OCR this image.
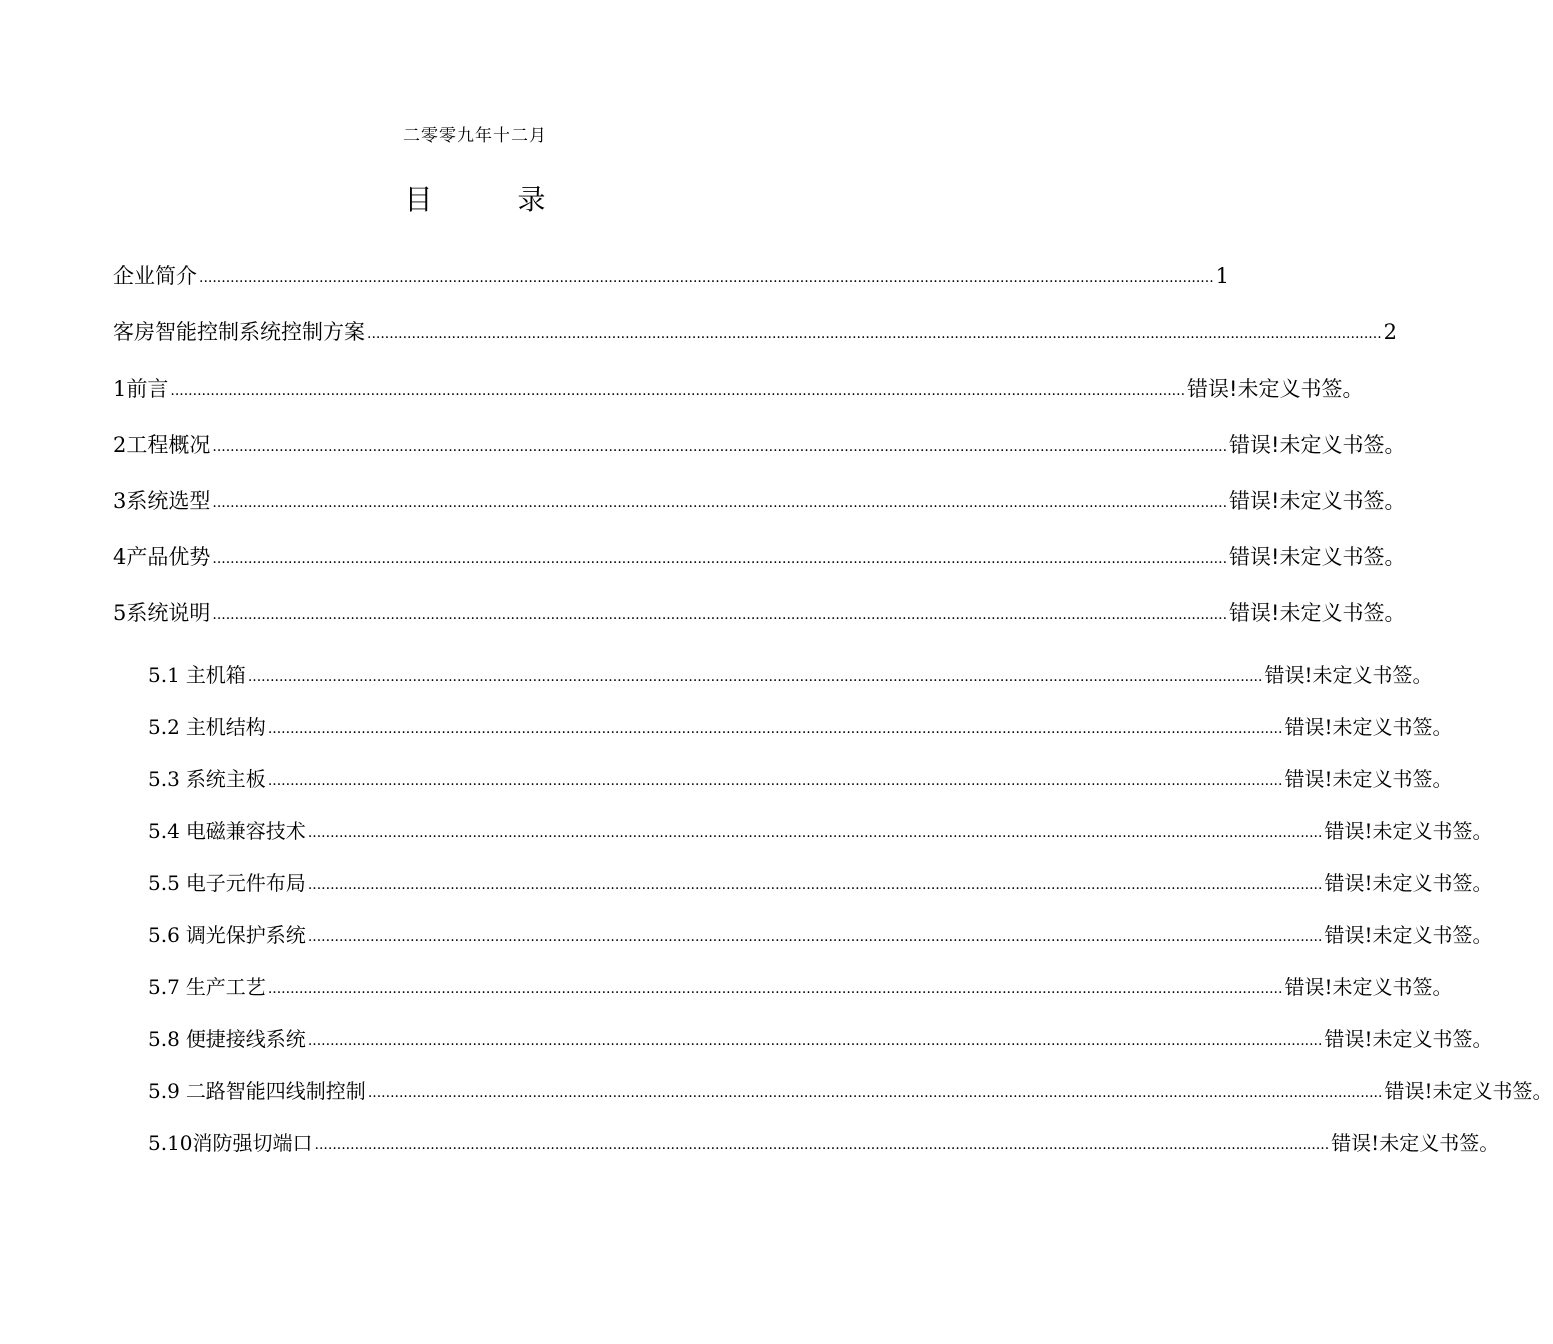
二零零九年十二月
目 录
企业简介 .................................................................................................................................................................................................................................... 1
客房智能控制系统控制方案 .................................................................................................................................................................................................................................... 2
1 前言 .................................................................................................................................................................................................................................... 错误!未定义书签。
2 工程概况 .................................................................................................................................................................................................................................... 错误!未定义书签。
3 系统选型 .................................................................................................................................................................................................................................... 错误!未定义书签。
4 产品优势 .................................................................................................................................................................................................................................... 错误!未定义书签。
5 系统说明 .................................................................................................................................................................................................................................... 错误!未定义书签。
5.1 主机箱 .................................................................................................................................................................................................................................... 错误!未定义书签。
5.2 主机结构 .................................................................................................................................................................................................................................... 错误!未定义书签。
5.3 系统主板 .................................................................................................................................................................................................................................... 错误!未定义书签。
5.4 电磁兼容技术 .................................................................................................................................................................................................................................... 错误!未定义书签。
5.5 电子元件布局 .................................................................................................................................................................................................................................... 错误!未定义书签。
5.6 调光保护系统 .................................................................................................................................................................................................................................... 错误!未定义书签。
5.7 生产工艺 .................................................................................................................................................................................................................................... 错误!未定义书签。
5.8 便捷接线系统 .................................................................................................................................................................................................................................... 错误!未定义书签。
5.9 二路智能四线制控制 .................................................................................................................................................................................................................................... 错误!未定义书签。
5.10 消防强切端口 .................................................................................................................................................................................................................................... 错误!未定义书签。
